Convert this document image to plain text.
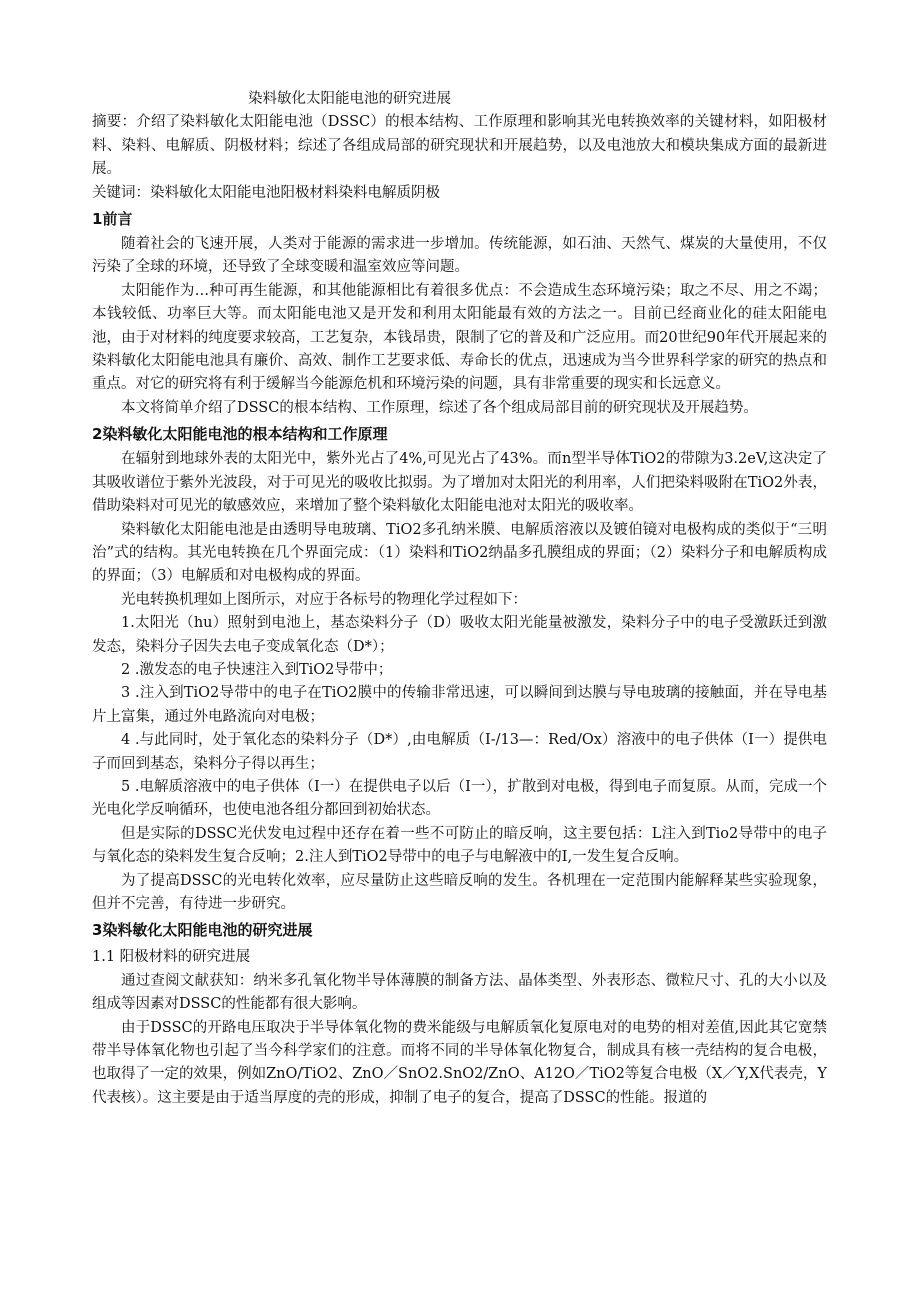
染料敏化太阳能电池的研究进展

摘要：介绍了染料敏化太阳能电池（DSSC）的根本结构、工作原理和影响其光电转换效率的关键材料，如阳极材料、染料、电解质、阴极材料；综述了各组成局部的研究现状和开展趋势，以及电池放大和模块集成方面的最新进展。

关键词：染料敏化太阳能电池阳极材料染料电解质阴极

1前言

随着社会的飞速开展，人类对于能源的需求进一步增加。传统能源，如石油、天然气、煤炭的大量使用，不仅污染了全球的环境，还导致了全球变暖和温室效应等问题。

太阳能作为…种可再生能源，和其他能源相比有着很多优点：不会造成生态环境污染；取之不尽、用之不竭；本钱较低、功率巨大等。而太阳能电池又是开发和利用太阳能最有效的方法之一。目前已经商业化的硅太阳能电池，由于对材料的纯度要求较高，工艺复杂，本钱昂贵，限制了它的普及和广泛应用。而20世纪90年代开展起来的染料敏化太阳能电池具有廉价、高效、制作工艺要求低、寿命长的优点，迅速成为当今世界科学家的研究的热点和重点。对它的研究将有利于缓解当今能源危机和环境污染的问题，具有非常重要的现实和长远意义。

本文将简单介绍了DSSC的根本结构、工作原理，综述了各个组成局部目前的研究现状及开展趋势。

2染料敏化太阳能电池的根本结构和工作原理

在辐射到地球外表的太阳光中，紫外光占了4%,可见光占了43%。而n型半导体TiO2的带隙为3.2eV,这决定了其吸收谱位于紫外光波段，对于可见光的吸收比拟弱。为了增加对太阳光的利用率，人们把染料吸附在TiO2外表，借助染料对可见光的敏感效应，来增加了整个染料敏化太阳能电池对太阳光的吸收率。

染料敏化太阳能电池是由透明导电玻璃、TiO2多孔纳米膜、电解质溶液以及镀伯镜对电极构成的类似于“三明治”式的结构。其光电转换在几个界面完成：（1）染料和TiO2纳晶多孔膜组成的界面；（2）染料分子和电解质构成的界面；（3）电解质和对电极构成的界面。

光电转换机理如上图所示，对应于各标号的物理化学过程如下：

1.太阳光（hu）照射到电池上，基态染料分子（D）吸收太阳光能量被激发，染料分子中的电子受激跃迁到激发态，染料分子因失去电子变成氧化态（D*）；

2 .激发态的电子快速注入到TiO2导带中；

3 .注入到TiO2导带中的电子在TiO2膜中的传输非常迅速，可以瞬间到达膜与导电玻璃的接触面，并在导电基片上富集，通过外电路流向对电极；

4 .与此同时，处于氧化态的染料分子（D*）,由电解质（I-/13—：Red/Ox）溶液中的电子供体（I一）提供电子而回到基态，染料分子得以再生；

5 .电解质溶液中的电子供体（I一）在提供电子以后（I一），扩散到对电极，得到电子而复原。从而，完成一个光电化学反响循环，也使电池各组分都回到初始状态。

但是实际的DSSC光伏发电过程中还存在着一些不可防止的暗反响，这主要包括：L注入到Tio2导带中的电子与氧化态的染料发生复合反响；2.注人到TiO2导带中的电子与电解液中的I,一发生复合反响。

为了提高DSSC的光电转化效率，应尽量防止这些暗反响的发生。各机理在一定范围内能解释某些实验现象，但并不完善，有待进一步研究。

3染料敏化太阳能电池的研究进展
1.1 阳极材料的研究进展

通过查阅文献获知：纳米多孔氧化物半导体薄膜的制备方法、晶体类型、外表形态、微粒尺寸、孔的大小以及组成等因素对DSSC的性能都有很大影响。

由于DSSC的开路电压取决于半导体氧化物的费米能级与电解质氧化复原电对的电势的相对差值,因此其它宽禁带半导体氧化物也引起了当今科学家们的注意。而将不同的半导体氧化物复合，制成具有核一壳结构的复合电极，也取得了一定的效果，例如ZnO/TiO2、ZnO／SnO2.SnO2/ZnO、A12O／TiO2等复合电极（X／Y,X代表壳，Y代表核）。这主要是由于适当厚度的壳的形成，抑制了电子的复合，提高了DSSC的性能。报道的
